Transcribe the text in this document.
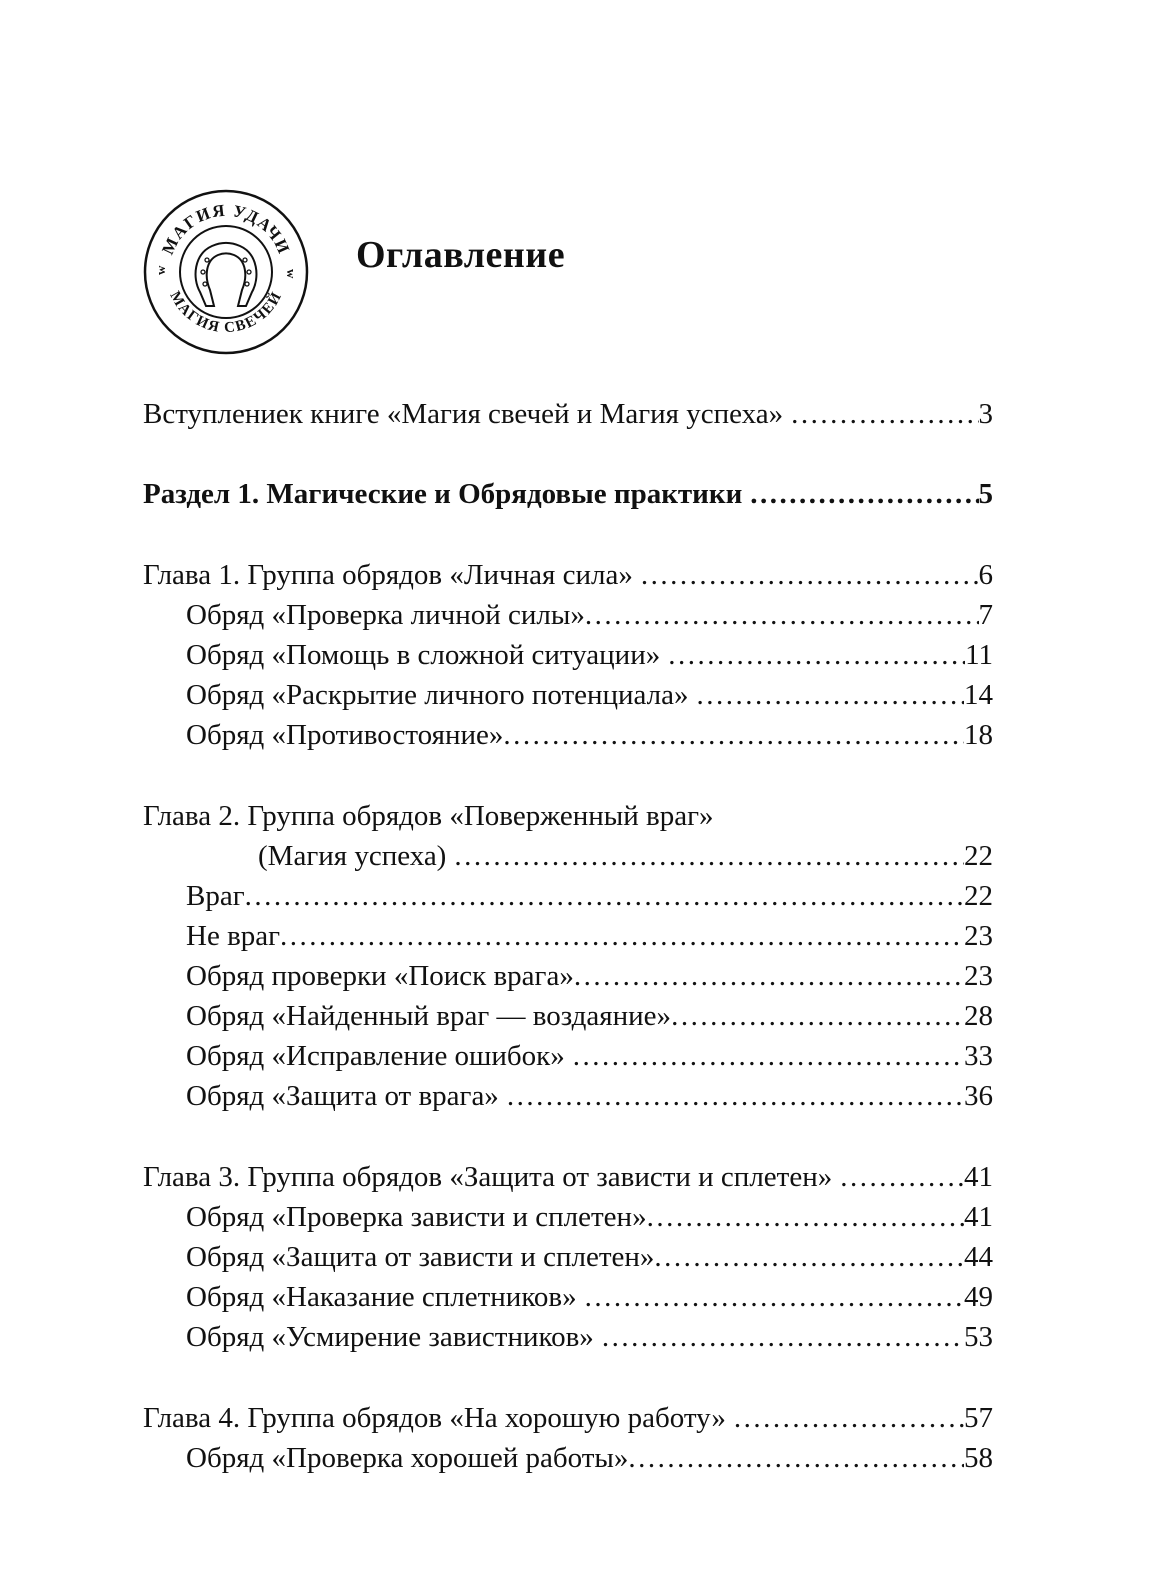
МАГИЯ УДАЧИ
МАГИЯ СВЕЧЕЙ
w	w Оглавление
Вступлениек книге «Магия свечей и Магия успеха» .....	3
Раздел 1. Магические и Обрядовые практики .....	5
Глава 1. Группа обрядов «Личная сила» .....	6
Обряд «Проверка личной силы» .....	7
Обряд «Помощь в сложной ситуации» .....	11
Обряд «Раскрытие личного потенциала» .....	14
Обряд «Противостояние» .....	18
Глава 2. Группа обрядов «Поверженный враг»
(Магия успеха) .....	22
Враг .....	22
Не враг .....	23
Обряд проверки «Поиск врага» .....	23
Обряд «Найденный враг — воздаяние» .....	28
Обряд «Исправление ошибок» .....	33
Обряд «Защита от врага» .....	36
Глава 3. Группа обрядов «Защита от зависти и сплетен» .....	41
Обряд «Проверка зависти и сплетен» .....	41
Обряд «Защита от зависти и сплетен» .....	44
Обряд «Наказание сплетников» .....	49
Обряд «Усмирение завистников» .....	53
Глава 4. Группа обрядов «На хорошую работу» .....	57
Обряд «Проверка хорошей работы» .....	58
